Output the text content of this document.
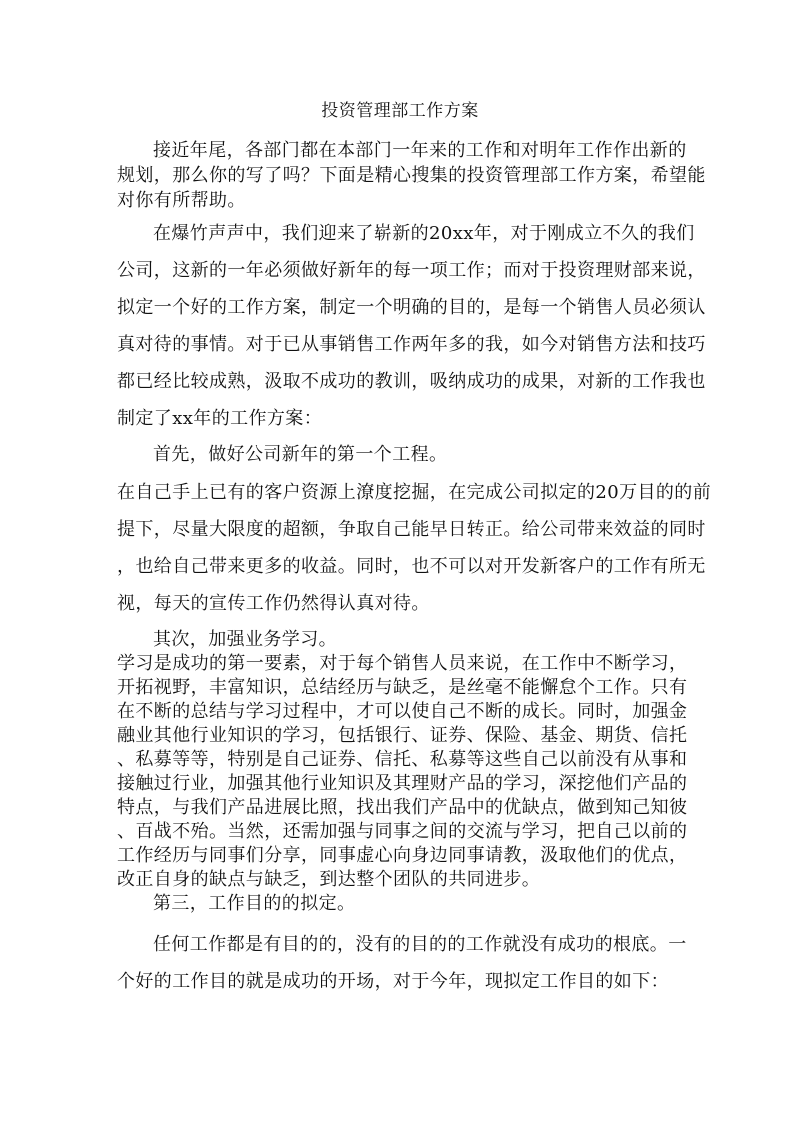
投资管理部工作方案
接近年尾，各部门都在本部门一年来的工作和对明年工作作出新的
规划，那么你的写了吗？下面是精心搜集的投资管理部工作方案，希望能
对你有所帮助。
在爆竹声声中，我们迎来了崭新的20xx年，对于刚成立不久的我们
公司，这新的一年必须做好新年的每一项工作；而对于投资理财部来说，
拟定一个好的工作方案，制定一个明确的目的，是每一个销售人员必须认
真对待的事情。对于已从事销售工作两年多的我，如今对销售方法和技巧
都已经比较成熟，汲取不成功的教训，吸纳成功的成果，对新的工作我也
制定了xx年的工作方案：
首先，做好公司新年的第一个工程。
在自己手上已有的客户资源上潦度挖掘，在完成公司拟定的20万目的的前
提下，尽量大限度的超额，争取自己能早日转正。给公司带来效益的同时
，也给自己带来更多的收益。同时，也不可以对开发新客户的工作有所无
视，每天的宣传工作仍然得认真对待。
其次，加强业务学习。
学习是成功的第一要素，对于每个销售人员来说，在工作中不断学习，
开拓视野，丰富知识，总结经历与缺乏，是丝毫不能懈怠个工作。只有
在不断的总结与学习过程中，才可以使自己不断的成长。同时，加强金
融业其他行业知识的学习，包括银行、证券、保险、基金、期货、信托
、私募等等，特别是自己证券、信托、私募等这些自己以前没有从事和
接触过行业，加强其他行业知识及其理财产品的学习，深挖他们产品的
特点，与我们产品进展比照，找出我们产品中的优缺点，做到知己知彼
、百战不殆。当然，还需加强与同事之间的交流与学习，把自己以前的
工作经历与同事们分享，同事虚心向身边同事请教，汲取他们的优点，
改正自身的缺点与缺乏，到达整个团队的共同进步。
第三，工作目的的拟定。
任何工作都是有目的的，没有的目的的工作就没有成功的根底。一
个好的工作目的就是成功的开场，对于今年，现拟定工作目的如下：
